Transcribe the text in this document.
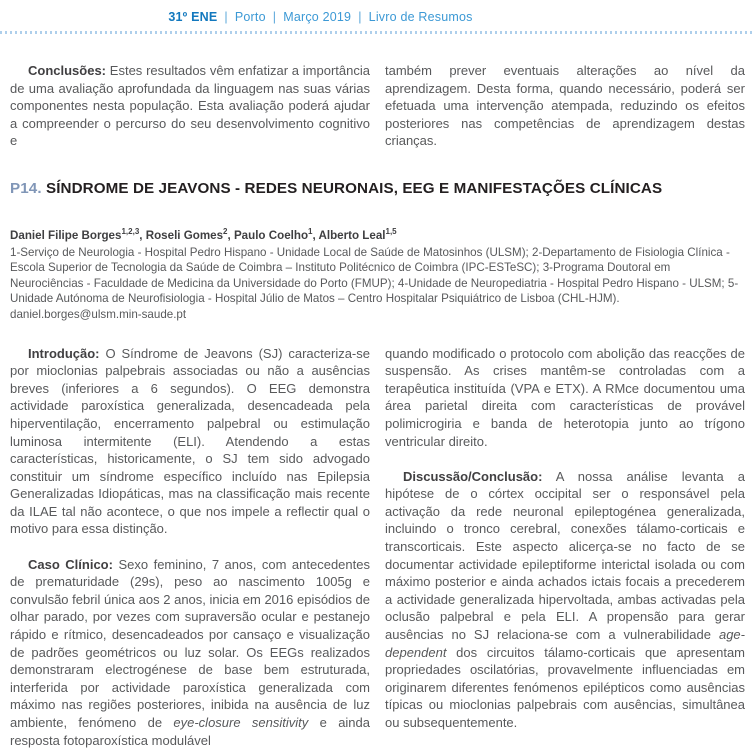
31º ENE | Porto | Março 2019 | Livro de Resumos

Conclusões: Estes resultados vêm enfatizar a importância de uma avaliação aprofundada da linguagem nas suas várias componentes nesta população. Esta avaliação poderá ajudar a compreender o percurso do seu desenvolvimento cognitivo e

também prever eventuais alterações ao nível da aprendizagem. Desta forma, quando necessário, poderá ser efetuada uma intervenção atempada, reduzindo os efeitos posteriores nas competências de aprendizagem destas crianças.

P14. SÍNDROME DE JEAVONS - REDES NEURONAIS, EEG E MANIFESTAÇÕES CLÍNICAS

Daniel Filipe Borges$^{1,2,3}$, Roseli Gomes$^2$, Paulo Coelho$^1$, Alberto Leal$^{1,5}$

1-Serviço de Neurologia - Hospital Pedro Hispano - Unidade Local de Saúde de Matosinhos (ULSM); 2-Departamento de Fisiologia Clínica - Escola Superior de Tecnologia da Saúde de Coimbra – Instituto Politécnico de Coimbra (IPC-ESTeSC); 3-Programa Doutoral em Neurociências - Faculdade de Medicina da Universidade do Porto (FMUP); 4-Unidade de Neuropediatria - Hospital Pedro Hispano - ULSM; 5-Unidade Autónoma de Neurofisiologia - Hospital Júlio de Matos – Centro Hospitalar Psiquiátrico de Lisboa (CHL-HJM).

daniel.borges@ulsm.min-saude.pt

Introdução: O Síndrome de Jeavons (SJ) caracteriza-se por mioclonias palpebrais associadas ou não a ausências breves (inferiores a 6 segundos). O EEG demonstra actividade paroxística generalizada, desencadeada pela hiperventilação, encerramento palpebral ou estimulação luminosa intermitente (ELI). Atendendo a estas características, historicamente, o SJ tem sido advogado constituir um síndrome específico incluído nas Epilepsia Generalizadas Idiopáticas, mas na classificação mais recente da ILAE tal não acontece, o que nos impele a reflectir qual o motivo para essa distinção.

Caso Clínico: Sexo feminino, 7 anos, com antecedentes de prematuridade (29s), peso ao nascimento 1005g e convulsão febril única aos 2 anos, inicia em 2016 episódios de olhar parado, por vezes com supraversão ocular e pestanejo rápido e rítmico, desencadeados por cansaço e visualização de padrões geométricos ou luz solar. Os EEGs realizados demonstraram electrogénese de base bem estruturada, interferida por actividade paroxística generalizada com máximo nas regiões posteriores, inibida na ausência de luz ambiente, fenómeno de eye-closure sensitivity e ainda resposta fotoparoxística modulável

quando modificado o protocolo com abolição das reacções de suspensão. As crises mantêm-se controladas com a terapêutica instituída (VPA e ETX). A RMce documentou uma área parietal direita com características de provável polimicrogiria e banda de heterotopia junto ao trígono ventricular direito.

Discussão/Conclusão: A nossa análise levanta a hipótese de o córtex occipital ser o responsável pela activação da rede neuronal epileptogénea generalizada, incluindo o tronco cerebral, conexões tálamo-corticais e transcorticais. Este aspecto alicerça-se no facto de se documentar actividade epileptiforme interictal isolada ou com máximo posterior e ainda achados ictais focais a precederem a actividade generalizada hipervoltada, ambas activadas pela oclusão palpebral e pela ELI. A propensão para gerar ausências no SJ relaciona-se com a vulnerabilidade age-dependent dos circuitos tálamo-corticais que apresentam propriedades oscilatórias, provavelmente influenciadas em originarem diferentes fenómenos epilépticos como ausências típicas ou mioclonias palpebrais com ausências, simultânea ou subsequentemente.
